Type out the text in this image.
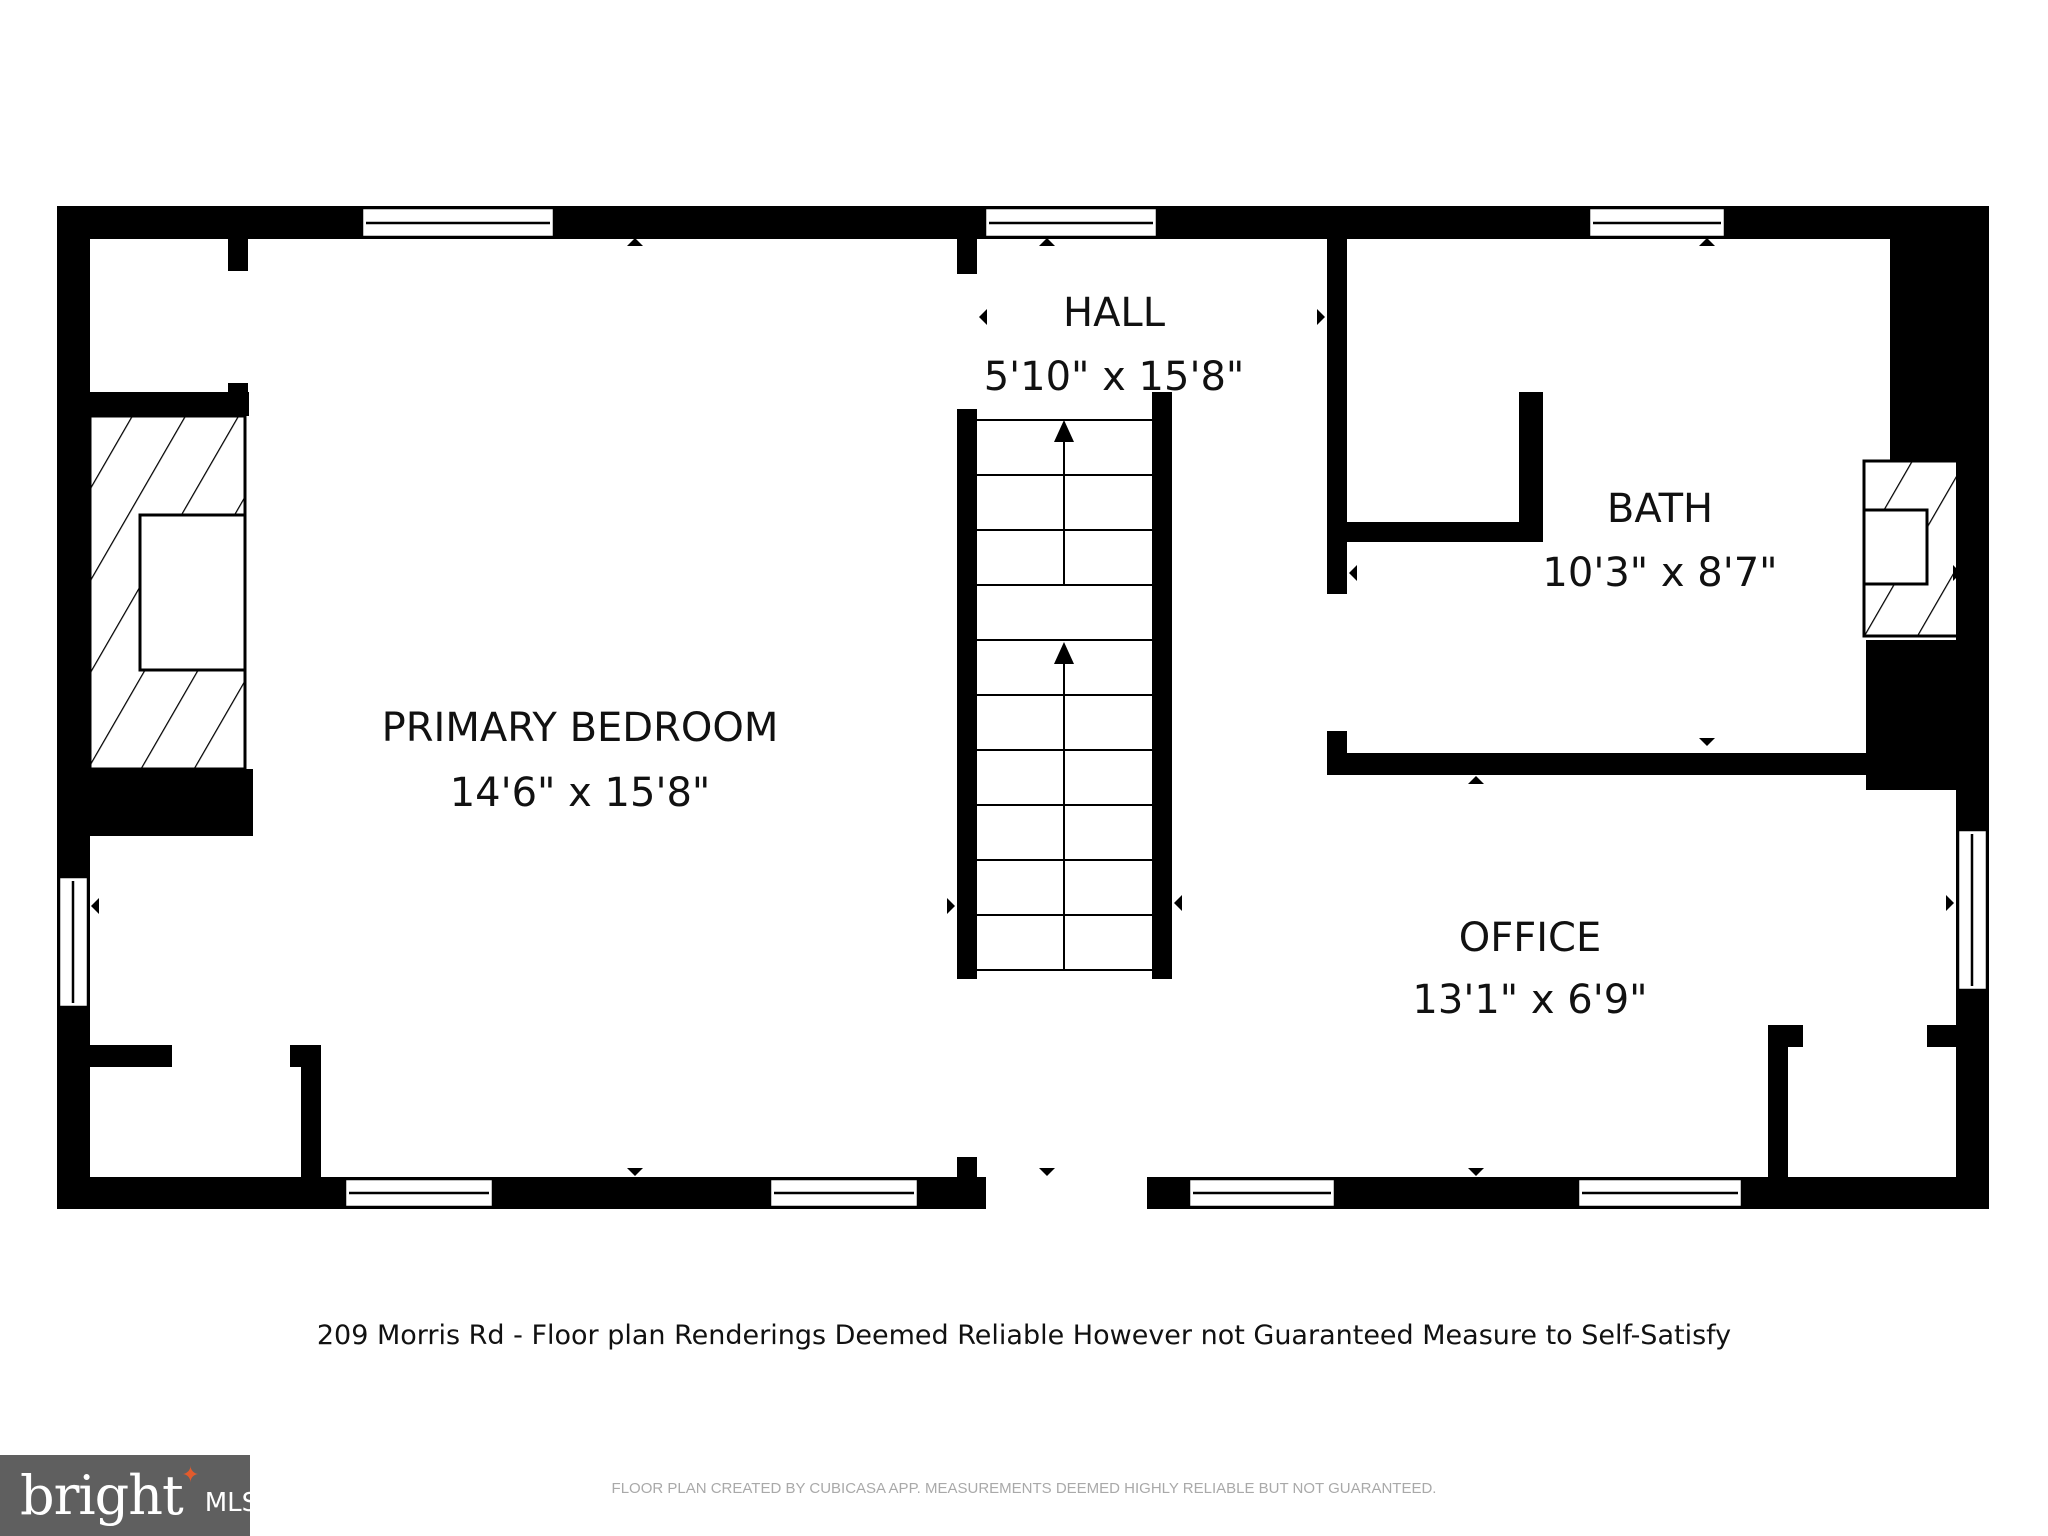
PRIMARY BEDROOM
14'6" x 15'8"
HALL
5'10" x 15'8"
BATH
10'3" x 8'7"
OFFICE
13'1" x 6'9"
209 Morris Rd - Floor plan Renderings Deemed Reliable However not Guaranteed Measure to Self-Satisfy
FLOOR PLAN CREATED BY CUBICASA APP. MEASUREMENTS DEEMED HIGHLY RELIABLE BUT NOT GUARANTEED.
bright
✦
MLS
